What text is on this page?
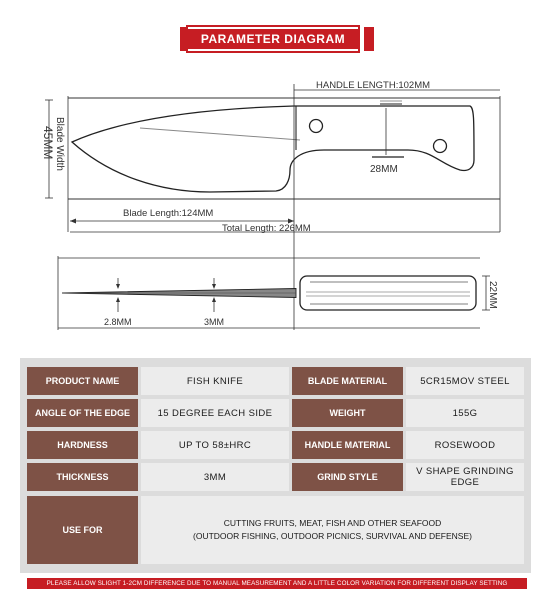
PARAMETER DIAGRAM
HANDLE LENGTH:102MM
28MM
45MM Blade Width
Blade Length:124MM
Total Length: 226MM
22MM
2.8MM	3MM
PRODUCT NAME	FISH KNIFE	BLADE MATERIAL	5CR15MOV STEEL
ANGLE OF THE EDGE	15 DEGREE EACH SIDE	WEIGHT	155G
HARDNESS	UP TO 58±HRC	HANDLE MATERIAL	ROSEWOOD
THICKNESS	3MM	GRIND STYLE	V SHAPE GRINDING EDGE
USE FOR
CUTTING FRUITS, MEAT, FISH AND OTHER SEAFOOD
(OUTDOOR FISHING, OUTDOOR PICNICS, SURVIVAL AND DEFENSE)
PLEASE ALLOW SLIGHT 1-2CM DIFFERENCE DUE TO MANUAL MEASUREMENT AND A LITTLE COLOR VARIATION FOR DIFFERENT DISPLAY SETTING
